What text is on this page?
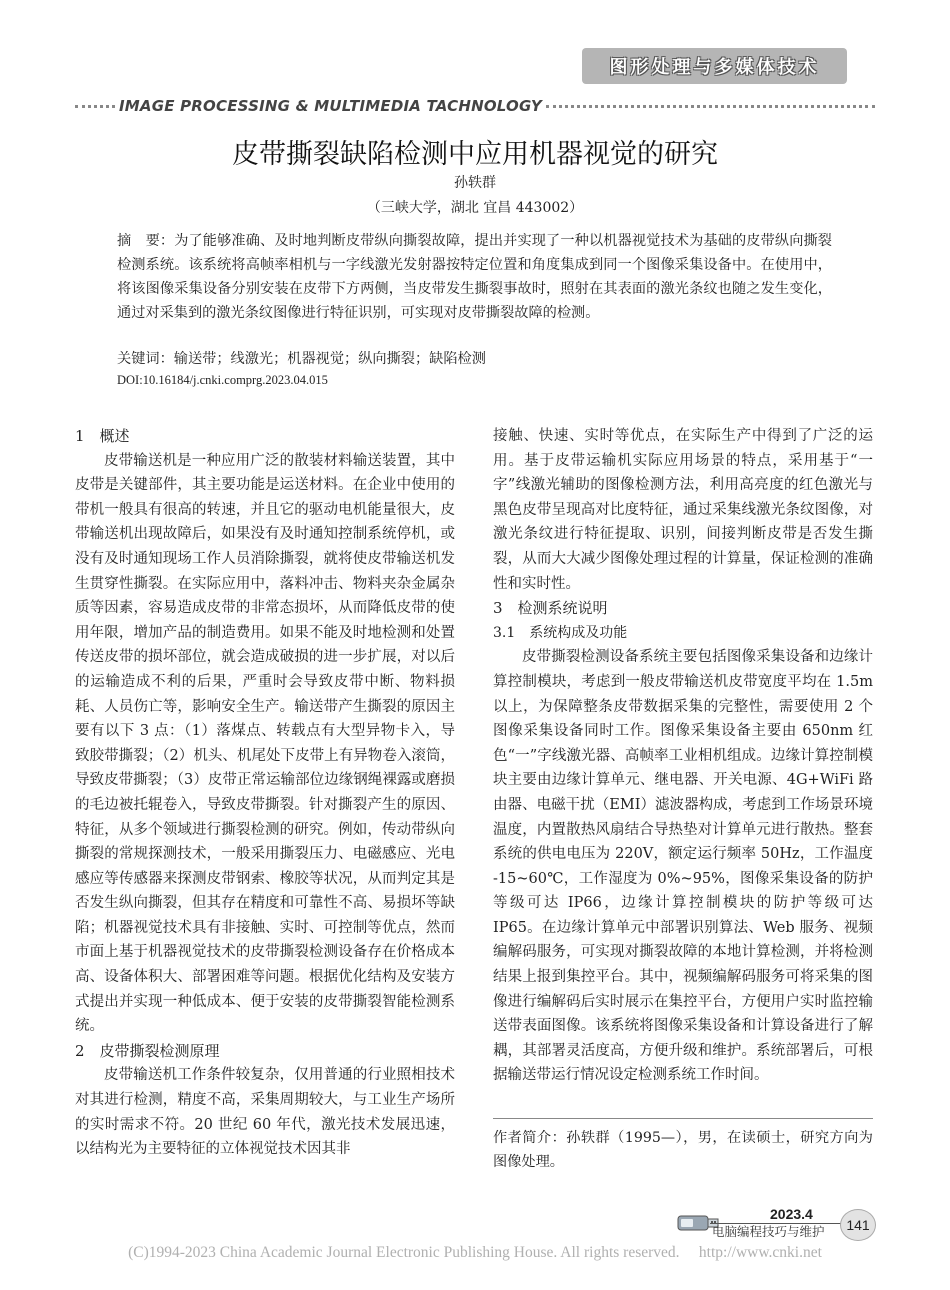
图形处理与多媒体技术
IMAGE PROCESSING & MULTIMEDIA TACHNOLOGY
皮带撕裂缺陷检测中应用机器视觉的研究
孙轶群
（三峡大学，湖北 宜昌 443002）

摘　要：为了能够准确、及时地判断皮带纵向撕裂故障，提出并实现了一种以机器视觉技术为基础的皮带纵向撕裂检测系统。该系统将高帧率相机与一字线激光发射器按特定位置和角度集成到同一个图像采集设备中。在使用中，将该图像采集设备分别安装在皮带下方两侧，当皮带发生撕裂事故时，照射在其表面的激光条纹也随之发生变化，通过对采集到的激光条纹图像进行特征识别，可实现对皮带撕裂故障的检测。

关键词：输送带；线激光；机器视觉；纵向撕裂；缺陷检测
DOI:10.16184/j.cnki.comprg.2023.04.015

1　概述

皮带输送机是一种应用广泛的散装材料输送装置，其中皮带是关键部件，其主要功能是运送材料。在企业中使用的带机一般具有很高的转速，并且它的驱动电机能量很大，皮带输送机出现故障后，如果没有及时通知控制系统停机，或没有及时通知现场工作人员消除撕裂，就将使皮带输送机发生贯穿性撕裂。在实际应用中，落料冲击、物料夹杂金属杂质等因素，容易造成皮带的非常态损坏，从而降低皮带的使用年限，增加产品的制造费用。如果不能及时地检测和处置传送皮带的损坏部位，就会造成破损的进一步扩展，对以后的运输造成不利的后果，严重时会导致皮带中断、物料损耗、人员伤亡等，影响安全生产。输送带产生撕裂的原因主要有以下 3 点：（1）落煤点、转载点有大型异物卡入，导致胶带撕裂；（2）机头、机尾处下皮带上有异物卷入滚筒，导致皮带撕裂；（3）皮带正常运输部位边缘钢绳裸露或磨损的毛边被托辊卷入，导致皮带撕裂。针对撕裂产生的原因、特征，从多个领域进行撕裂检测的研究。例如，传动带纵向撕裂的常规探测技术，一般采用撕裂压力、电磁感应、光电感应等传感器来探测皮带钢索、橡胶等状况，从而判定其是否发生纵向撕裂，但其存在精度和可靠性不高、易损坏等缺陷；机器视觉技术具有非接触、实时、可控制等优点，然而市面上基于机器视觉技术的皮带撕裂检测设备存在价格成本高、设备体积大、部署困难等问题。根据优化结构及安装方式提出并实现一种低成本、便于安装的皮带撕裂智能检测系统。

2　皮带撕裂检测原理

皮带输送机工作条件较复杂，仅用普通的行业照相技术对其进行检测，精度不高，采集周期较大，与工业生产场所的实时需求不符。20 世纪 60 年代，激光技术发展迅速，以结构光为主要特征的立体视觉技术因其非

接触、快速、实时等优点，在实际生产中得到了广泛的运用。基于皮带运输机实际应用场景的特点，采用基于“一字”线激光辅助的图像检测方法，利用高亮度的红色激光与黑色皮带呈现高对比度特征，通过采集线激光条纹图像，对激光条纹进行特征提取、识别，间接判断皮带是否发生撕裂，从而大大减少图像处理过程的计算量，保证检测的准确性和实时性。

3　检测系统说明

3.1　系统构成及功能

皮带撕裂检测设备系统主要包括图像采集设备和边缘计算控制模块，考虑到一般皮带输送机皮带宽度平均在 1.5m 以上，为保障整条皮带数据采集的完整性，需要使用 2 个图像采集设备同时工作。图像采集设备主要由 650nm 红色“一”字线激光器、高帧率工业相机组成。边缘计算控制模块主要由边缘计算单元、继电器、开关电源、4G+WiFi 路由器、电磁干扰（EMI）滤波器构成，考虑到工作场景环境温度，内置散热风扇结合导热垫对计算单元进行散热。整套系统的供电电压为 220V，额定运行频率 50Hz，工作温度 -15~60℃，工作湿度为 0%~95%，图像采集设备的防护等级可达 IP66，边缘计算控制模块的防护等级可达 IP65。在边缘计算单元中部署识别算法、Web 服务、视频编解码服务，可实现对撕裂故障的本地计算检测，并将检测结果上报到集控平台。其中，视频编解码服务可将采集的图像进行编解码后实时展示在集控平台，方便用户实时监控输送带表面图像。该系统将图像采集设备和计算设备进行了解耦，其部署灵活度高，方便升级和维护。系统部署后，可根据输送带运行情况设定检测系统工作时间。

作者简介：孙轶群（1995—），男，在读硕士，研究方向为图像处理。

2023.4
电脑编程技巧与维护	141
(C)1994-2023 China Academic Journal Electronic Publishing House. All rights reserved.　 http://www.cnki.net
